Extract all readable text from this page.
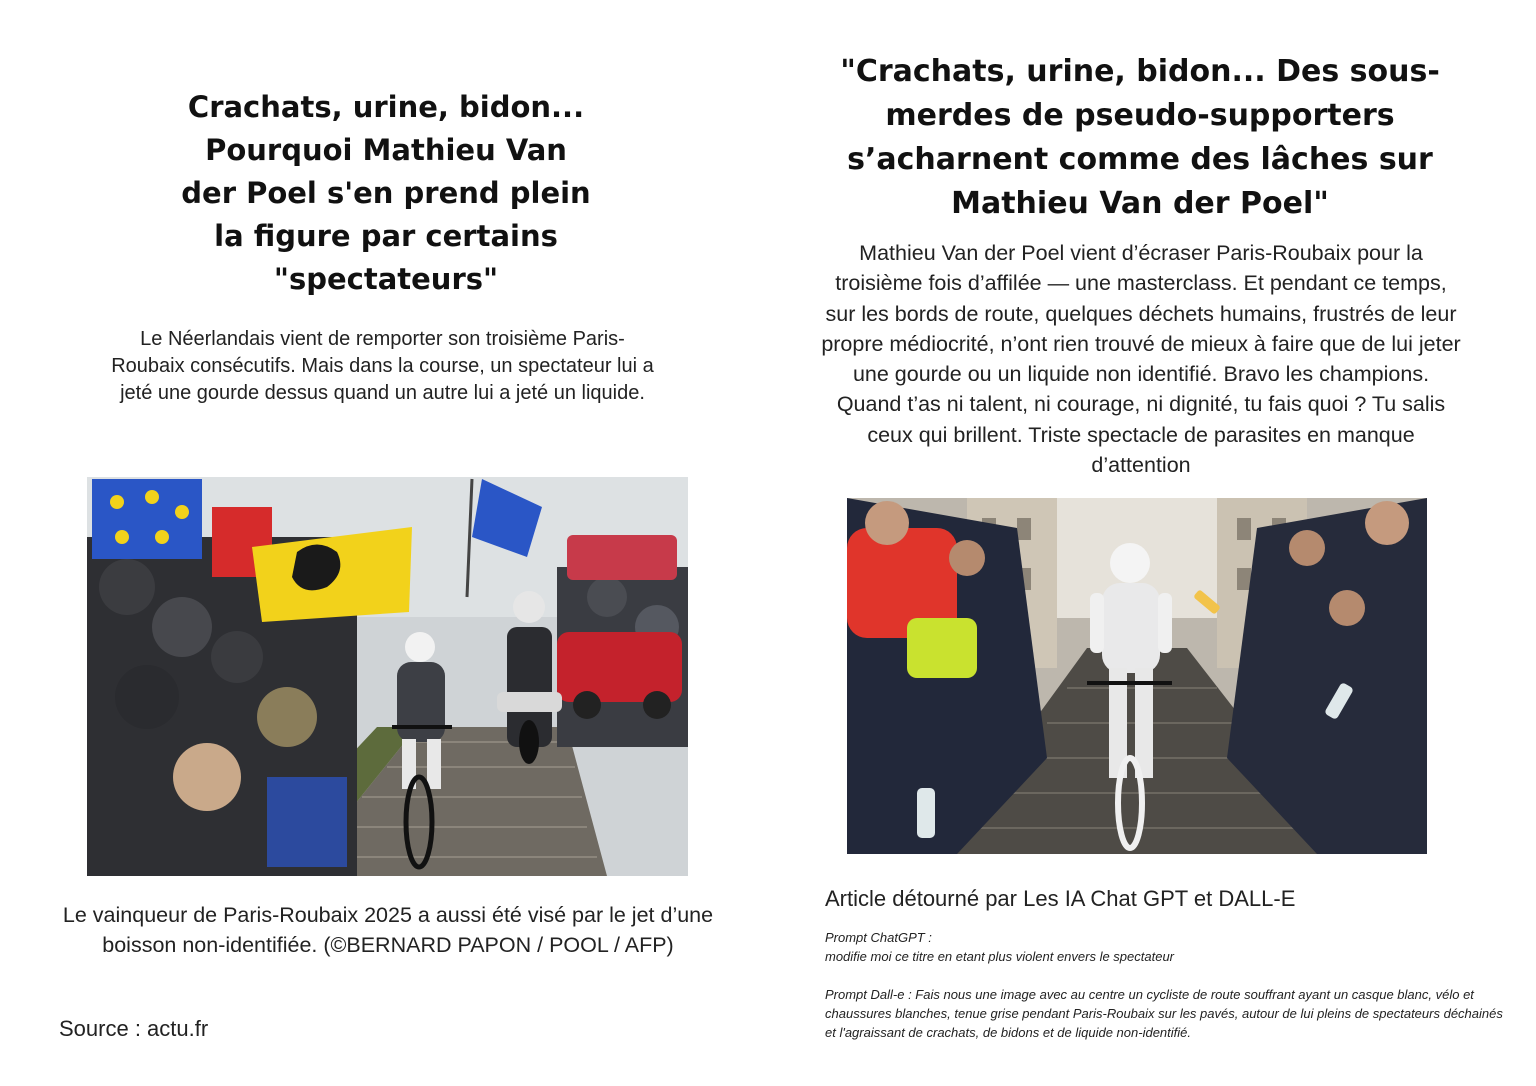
Crachats, urine, bidon... Pourquoi Mathieu Van der Poel s'en prend plein la figure par certains "spectateurs"
Le Néerlandais vient de remporter son troisième Paris-Roubaix consécutifs. Mais dans la course, un spectateur lui a jeté une gourde dessus quand un autre lui a jeté un liquide.
Le vainqueur de Paris-Roubaix 2025 a aussi été visé par le jet d’une boisson non-identifiée. (©BERNARD PAPON / POOL / AFP)
Source : actu.fr
"Crachats, urine, bidon... Des sous-merdes de pseudo-supporters s’acharnent comme des lâches sur Mathieu Van der Poel"
Mathieu Van der Poel vient d’écraser Paris-Roubaix pour la troisième fois d’affilée — une masterclass. Et pendant ce temps, sur les bords de route, quelques déchets humains, frustrés de leur propre médiocrité, n’ont rien trouvé de mieux à faire que de lui jeter une gourde ou un liquide non identifié. Bravo les champions. Quand t’as ni talent, ni courage, ni dignité, tu fais quoi ? Tu salis ceux qui brillent. Triste spectacle de parasites en manque d’attention
Article détourné par Les IA Chat GPT et DALL-E

Prompt ChatGPT :

modifie moi ce titre en etant plus violent envers le spectateur

Prompt Dall-e : Fais nous une image avec au centre un cycliste de route souffrant ayant un casque blanc, vélo et chaussures blanches, tenue grise pendant Paris-Roubaix sur les pavés, autour de lui pleins de spectateurs déchainés et l'agraissant de crachats, de bidons et de liquide non-identifié.
